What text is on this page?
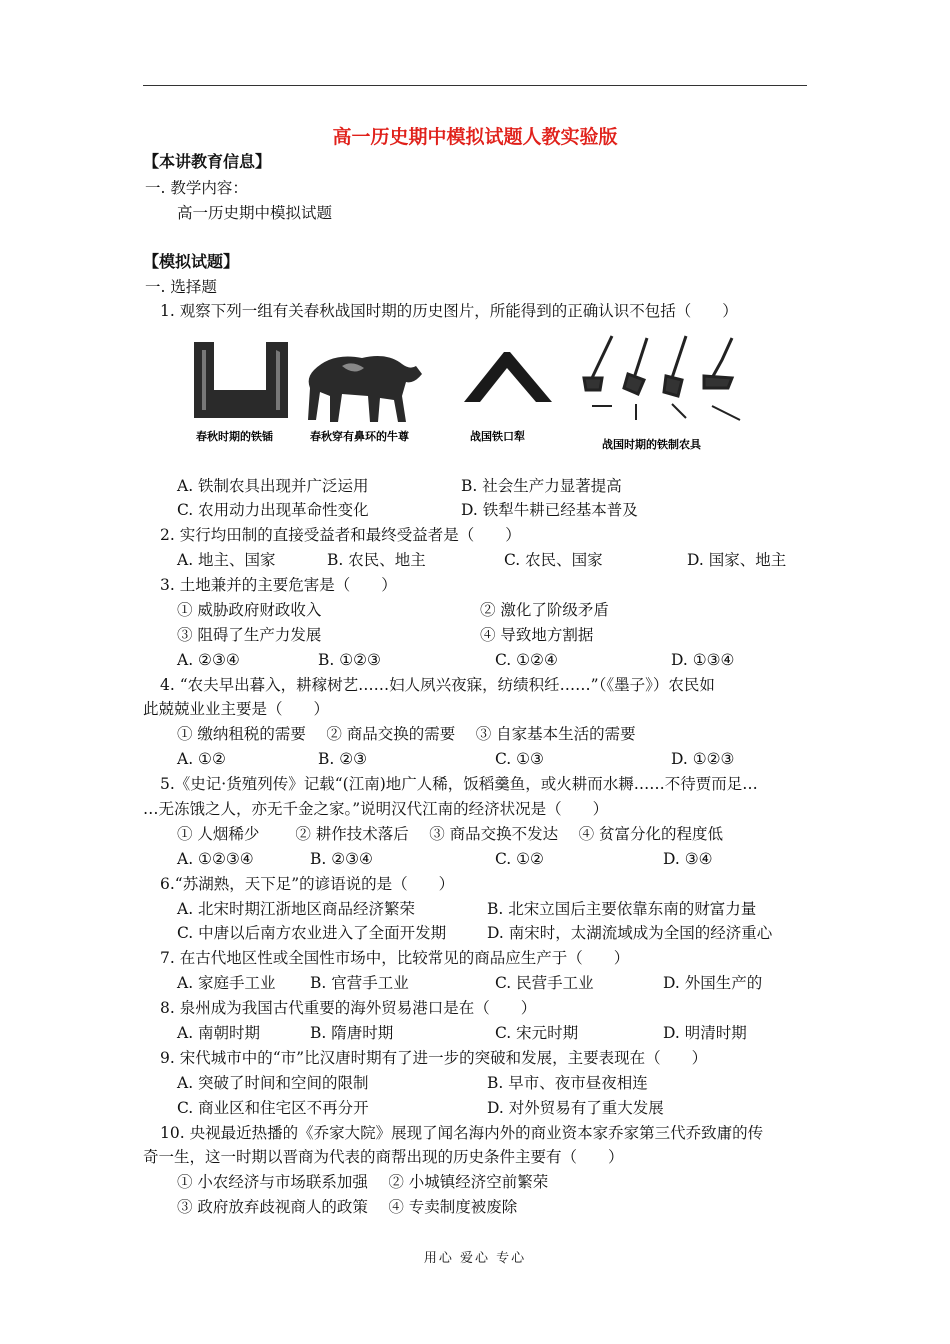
高一历史期中模拟试题人教实验版
【本讲教育信息】
一. 教学内容：
高一历史期中模拟试题
【模拟试题】
一. 选择题
1. 观察下列一组有关春秋战国时期的历史图片，所能得到的正确认识不包括（　　）
春秋时期的铁锸	春秋穿有鼻环的牛尊	战国铁口犁
战国时期的铁制农具
A. 铁制农具出现并广泛运用	B. 社会生产力显著提高
C. 农用动力出现革命性变化	D. 铁犁牛耕已经基本普及
2. 实行均田制的直接受益者和最终受益者是（　　）
A. 地主、国家	B. 农民、地主	C. 农民、国家	D. 国家、地主
3. 土地兼并的主要危害是（　　）
① 威胁政府财政收入	② 激化了阶级矛盾
③ 阻碍了生产力发展	④ 导致地方割据
A. ②③④	B. ①②③	C. ①②④	D. ①③④
4. “农夫早出暮入，耕稼树艺……妇人夙兴夜寐，纺绩积纴……”（《墨子》）农民如
此兢兢业业主要是（　　）
① 缴纳租税的需要　 ② 商品交换的需要　 ③ 自家基本生活的需要
A. ①②	B. ②③	C. ①③	D. ①②③
5.《史记·货殖列传》记载“(江南)地广人稀，饭稻羹鱼，或火耕而水耨……不待贾而足…
…无冻饿之人，亦无千金之家。”说明汉代江南的经济状况是（　　）
① 人烟稀少　　 ② 耕作技术落后　 ③ 商品交换不发达　 ④ 贫富分化的程度低
A. ①②③④	B. ②③④	C. ①②	D. ③④
6.“苏湖熟，天下足”的谚语说的是（　　）
A. 北宋时期江浙地区商品经济繁荣	B. 北宋立国后主要依靠东南的财富力量
C. 中唐以后南方农业进入了全面开发期	D. 南宋时，太湖流域成为全国的经济重心
7. 在古代地区性或全国性市场中，比较常见的商品应生产于（　　）
A. 家庭手工业 B. 官营手工业	C. 民营手工业	D. 外国生产的
8. 泉州成为我国古代重要的海外贸易港口是在（　　）
A. 南朝时期	B. 隋唐时期	C. 宋元时期	D. 明清时期
9. 宋代城市中的“市”比汉唐时期有了进一步的突破和发展，主要表现在（　　）
A. 突破了时间和空间的限制	B. 早市、夜市昼夜相连
C. 商业区和住宅区不再分开	D. 对外贸易有了重大发展
10. 央视最近热播的《乔家大院》展现了闻名海内外的商业资本家乔家第三代乔致庸的传
奇一生，这一时期以晋商为代表的商帮出现的历史条件主要有（　　）
① 小农经济与市场联系加强　 ② 小城镇经济空前繁荣
③ 政府放弃歧视商人的政策　 ④ 专卖制度被废除
用心 爱心 专心
